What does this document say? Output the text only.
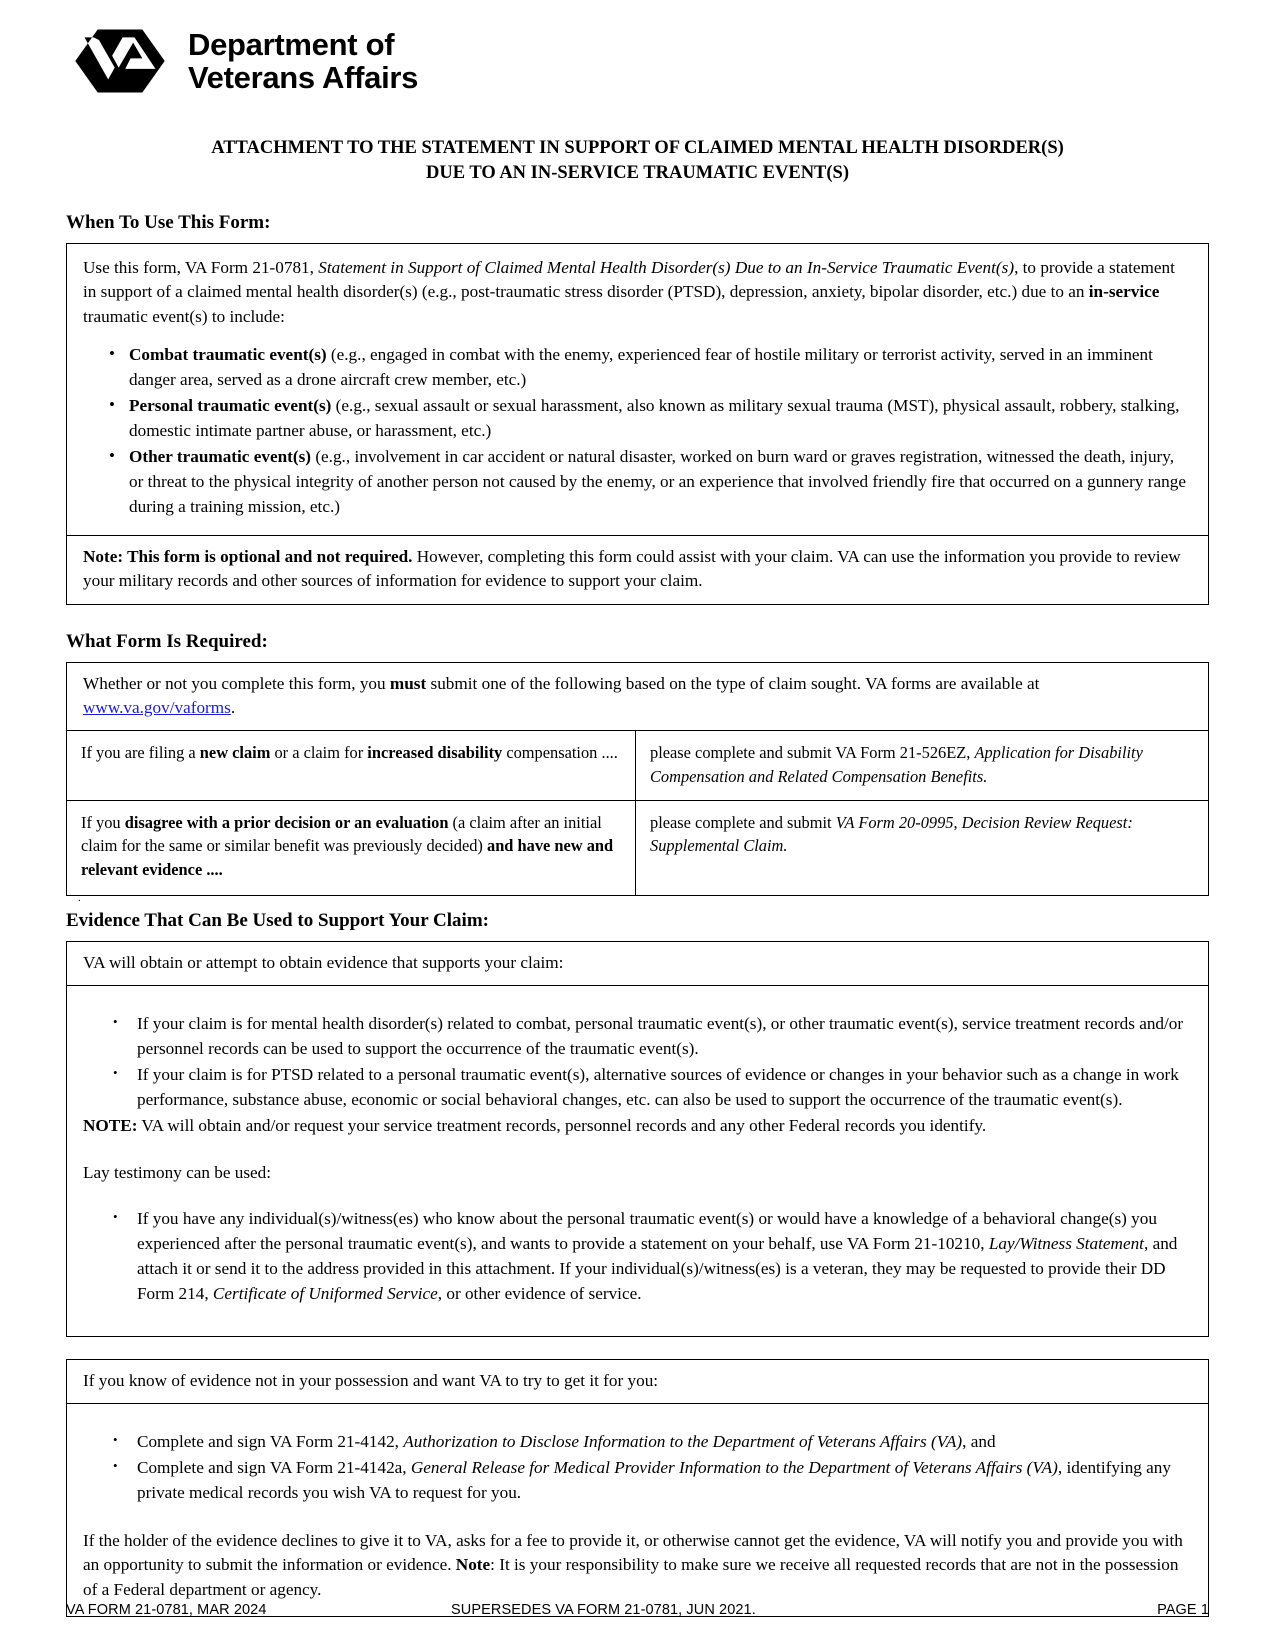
Department of
Veterans Affairs
ATTACHMENT TO THE STATEMENT IN SUPPORT OF CLAIMED MENTAL HEALTH DISORDER(S)
DUE TO AN IN-SERVICE TRAUMATIC EVENT(S)
When To Use This Form:

Use this form, VA Form 21-0781, Statement in Support of Claimed Mental Health Disorder(s) Due to an In-Service Traumatic Event(s), to provide a statement in support of a claimed mental health disorder(s) (e.g., post-traumatic stress disorder (PTSD), depression, anxiety, bipolar disorder, etc.) due to an in-service traumatic event(s) to include:

• Combat traumatic event(s) (e.g., engaged in combat with the enemy, experienced fear of hostile military or terrorist activity, served in an imminent danger area, served as a drone aircraft crew member, etc.)
• Personal traumatic event(s) (e.g., sexual assault or sexual harassment, also known as military sexual trauma (MST), physical assault, robbery, stalking, domestic intimate partner abuse, or harassment, etc.)
• Other traumatic event(s) (e.g., involvement in car accident or natural disaster, worked on burn ward or graves registration, witnessed the death, injury, or threat to the physical integrity of another person not caused by the enemy, or an experience that involved friendly fire that occurred on a gunnery range during a training mission, etc.)

Note: This form is optional and not required. However, completing this form could assist with your claim. VA can use the information you provide to review your military records and other sources of information for evidence to support your claim.

What Form Is Required:

Whether or not you complete this form, you must submit one of the following based on the type of claim sought. VA forms are available at www.va.gov/vaforms.

If you are filing a new claim or a claim for increased disability compensation ....	please complete and submit VA Form 21-526EZ, Application for Disability Compensation and Related Compensation Benefits.
If you disagree with a prior decision or an evaluation (a claim after an initial claim for the same or similar benefit was previously decided) and have new and relevant evidence ....	please complete and submit VA Form 20-0995, Decision Review Request: Supplemental Claim.
.
Evidence That Can Be Used to Support Your Claim:

VA will obtain or attempt to obtain evidence that supports your claim:

• If your claim is for mental health disorder(s) related to combat, personal traumatic event(s), or other traumatic event(s), service treatment records and/or personnel records can be used to support the occurrence of the traumatic event(s).
• If your claim is for PTSD related to a personal traumatic event(s), alternative sources of evidence or changes in your behavior such as a change in work performance, substance abuse, economic or social behavioral changes, etc. can also be used to support the occurrence of the traumatic event(s).

NOTE: VA will obtain and/or request your service treatment records, personnel records and any other Federal records you identify.

Lay testimony can be used:

• If you have any individual(s)/witness(es) who know about the personal traumatic event(s) or would have a knowledge of a behavioral change(s) you experienced after the personal traumatic event(s), and wants to provide a statement on your behalf, use VA Form 21-10210, Lay/Witness Statement, and attach it or send it to the address provided in this attachment. If your individual(s)/witness(es) is a veteran, they may be requested to provide their DD Form 214, Certificate of Uniformed Service, or other evidence of service.

If you know of evidence not in your possession and want VA to try to get it for you:

• Complete and sign VA Form 21-4142, Authorization to Disclose Information to the Department of Veterans Affairs (VA), and
• Complete and sign VA Form 21-4142a, General Release for Medical Provider Information to the Department of Veterans Affairs (VA), identifying any private medical records you wish VA to request for you.

If the holder of the evidence declines to give it to VA, asks for a fee to provide it, or otherwise cannot get the evidence, VA will notify you and provide you with an opportunity to submit the information or evidence. Note: It is your responsibility to make sure we receive all requested records that are not in the possession of a Federal department or agency.

VA FORM 21-0781, MAR 2024	SUPERSEDES VA FORM 21-0781, JUN 2021.	PAGE 1
